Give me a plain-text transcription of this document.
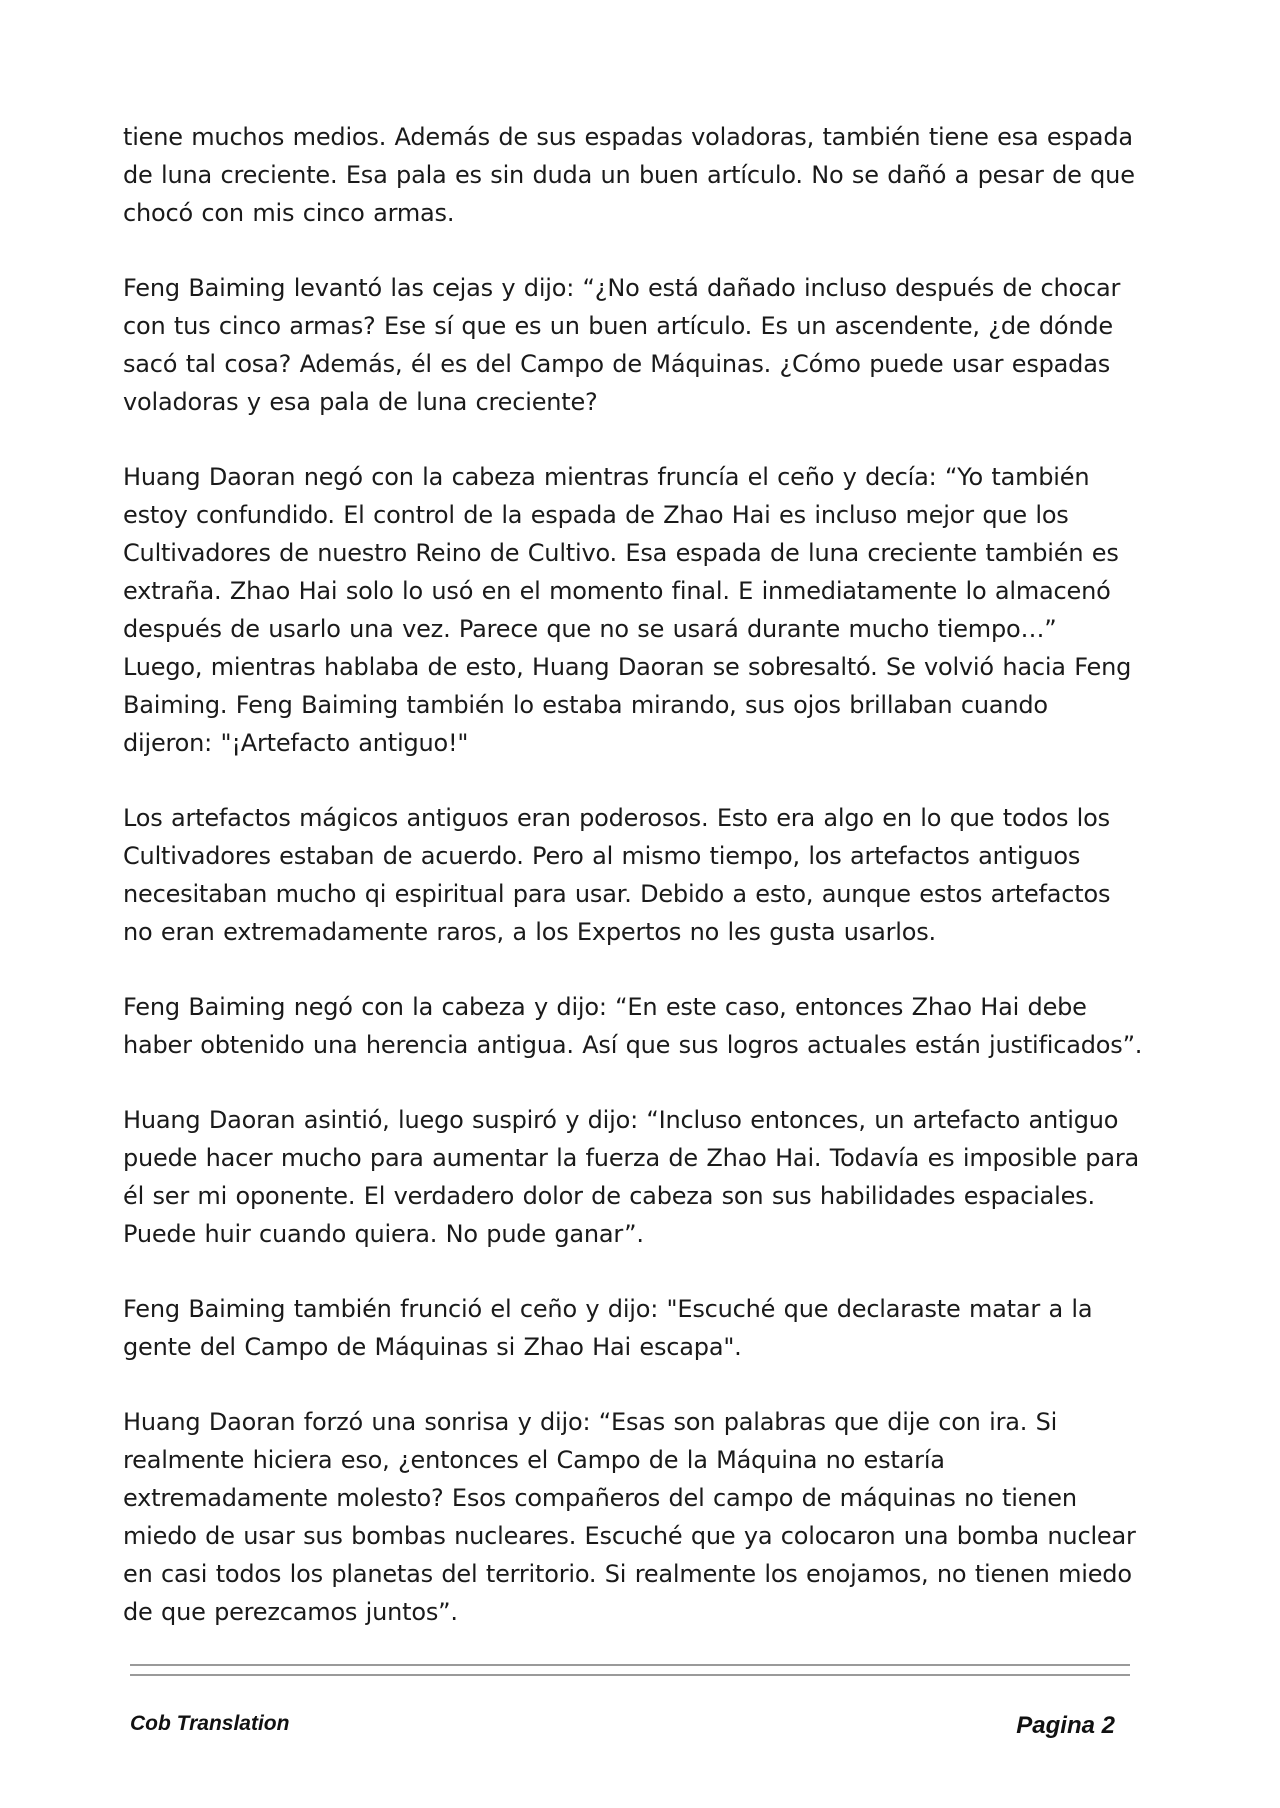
tiene muchos medios. Además de sus espadas voladoras, también tiene esa espada de luna creciente. Esa pala es sin duda un buen artículo. No se dañó a pesar de que chocó con mis cinco armas.

Feng Baiming levantó las cejas y dijo: “¿No está dañado incluso después de chocar con tus cinco armas? Ese sí que es un buen artículo. Es un ascendente, ¿de dónde sacó tal cosa? Además, él es del Campo de Máquinas. ¿Cómo puede usar espadas voladoras y esa pala de luna creciente?

Huang Daoran negó con la cabeza mientras fruncía el ceño y decía: “Yo también estoy confundido. El control de la espada de Zhao Hai es incluso mejor que los Cultivadores de nuestro Reino de Cultivo. Esa espada de luna creciente también es extraña. Zhao Hai solo lo usó en el momento final. E inmediatamente lo almacenó después de usarlo una vez. Parece que no se usará durante mucho tiempo…” Luego, mientras hablaba de esto, Huang Daoran se sobresaltó. Se volvió hacia Feng Baiming. Feng Baiming también lo estaba mirando, sus ojos brillaban cuando dijeron: "¡Artefacto antiguo!"

Los artefactos mágicos antiguos eran poderosos. Esto era algo en lo que todos los Cultivadores estaban de acuerdo. Pero al mismo tiempo, los artefactos antiguos necesitaban mucho qi espiritual para usar. Debido a esto, aunque estos artefactos no eran extremadamente raros, a los Expertos no les gusta usarlos.

Feng Baiming negó con la cabeza y dijo: “En este caso, entonces Zhao Hai debe haber obtenido una herencia antigua. Así que sus logros actuales están justificados”.

Huang Daoran asintió, luego suspiró y dijo: “Incluso entonces, un artefacto antiguo puede hacer mucho para aumentar la fuerza de Zhao Hai. Todavía es imposible para él ser mi oponente. El verdadero dolor de cabeza son sus habilidades espaciales. Puede huir cuando quiera. No pude ganar”.

Feng Baiming también frunció el ceño y dijo: "Escuché que declaraste matar a la gente del Campo de Máquinas si Zhao Hai escapa".

Huang Daoran forzó una sonrisa y dijo: “Esas son palabras que dije con ira. Si realmente hiciera eso, ¿entonces el Campo de la Máquina no estaría extremadamente molesto? Esos compañeros del campo de máquinas no tienen miedo de usar sus bombas nucleares. Escuché que ya colocaron una bomba nuclear en casi todos los planetas del territorio. Si realmente los enojamos, no tienen miedo de que perezcamos juntos”.

Cob Translation	Pagina 2
